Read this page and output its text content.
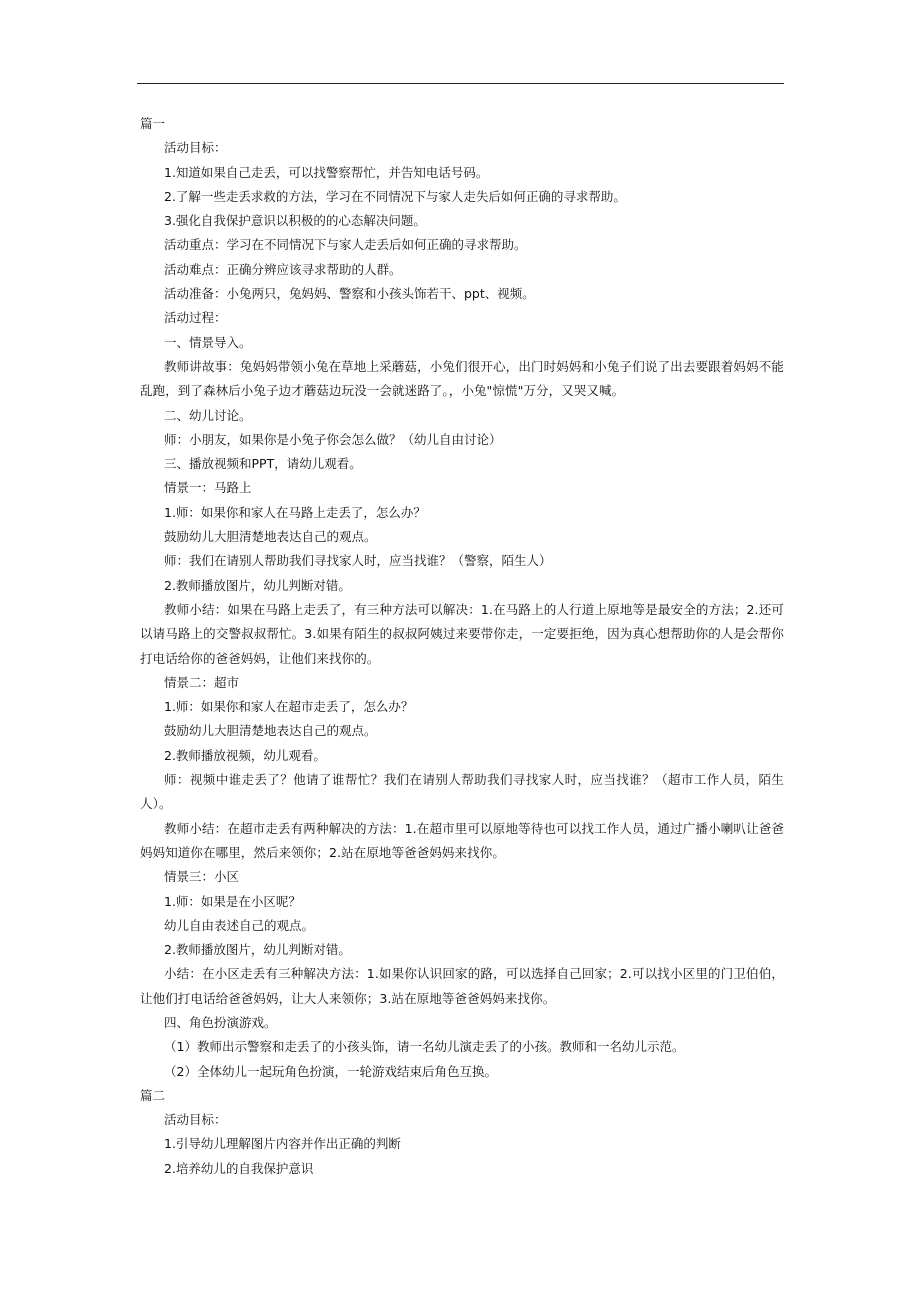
篇一

活动目标：

1.知道如果自己走丢，可以找警察帮忙，并告知电话号码。

2.了解一些走丢求救的方法，学习在不同情况下与家人走失后如何正确的寻求帮助。

3.强化自我保护意识以积极的的心态解决问题。

活动重点：学习在不同情况下与家人走丢后如何正确的寻求帮助。

活动难点：正确分辨应该寻求帮助的人群。

活动准备：小兔两只，兔妈妈、警察和小孩头饰若干、ppt、视频。

活动过程：

一、情景导入。

教师讲故事：兔妈妈带领小兔在草地上采蘑菇，小兔们很开心，出门时妈妈和小兔子们说了出去要跟着妈妈不能乱跑，到了森林后小兔子边才蘑菇边玩没一会就迷路了。，小兔"惊慌"万分，又哭又喊。

二、幼儿讨论。

师：小朋友，如果你是小兔子你会怎么做？（幼儿自由讨论）

三、播放视频和PPT，请幼儿观看。

情景一：马路上

1.师：如果你和家人在马路上走丢了，怎么办？

鼓励幼儿大胆清楚地表达自己的观点。

师：我们在请别人帮助我们寻找家人时，应当找谁？（警察，陌生人）

2.教师播放图片，幼儿判断对错。

教师小结：如果在马路上走丢了，有三种方法可以解决：1.在马路上的人行道上原地等是最安全的方法；2.还可以请马路上的交警叔叔帮忙。3.如果有陌生的叔叔阿姨过来要带你走，一定要拒绝，因为真心想帮助你的人是会帮你打电话给你的爸爸妈妈，让他们来找你的。

情景二：超市

1.师：如果你和家人在超市走丢了，怎么办？

鼓励幼儿大胆清楚地表达自己的观点。

2.教师播放视频，幼儿观看。

师：视频中谁走丢了？他请了谁帮忙？我们在请别人帮助我们寻找家人时，应当找谁？（超市工作人员，陌生人）。

教师小结：在超市走丢有两种解决的方法：1.在超市里可以原地等待也可以找工作人员，通过广播小喇叭让爸爸妈妈知道你在哪里，然后来领你；2.站在原地等爸爸妈妈来找你。

情景三：小区

1.师：如果是在小区呢？

幼儿自由表述自己的观点。

2.教师播放图片，幼儿判断对错。

小结：在小区走丢有三种解决方法：1.如果你认识回家的路，可以选择自己回家；2.可以找小区里的门卫伯伯，让他们打电话给爸爸妈妈，让大人来领你；3.站在原地等爸爸妈妈来找你。

四、角色扮演游戏。

（1）教师出示警察和走丢了的小孩头饰，请一名幼儿演走丢了的小孩。教师和一名幼儿示范。

（2）全体幼儿一起玩角色扮演，一轮游戏结束后角色互换。

篇二

活动目标：

1.引导幼儿理解图片内容并作出正确的判断

2.培养幼儿的自我保护意识
